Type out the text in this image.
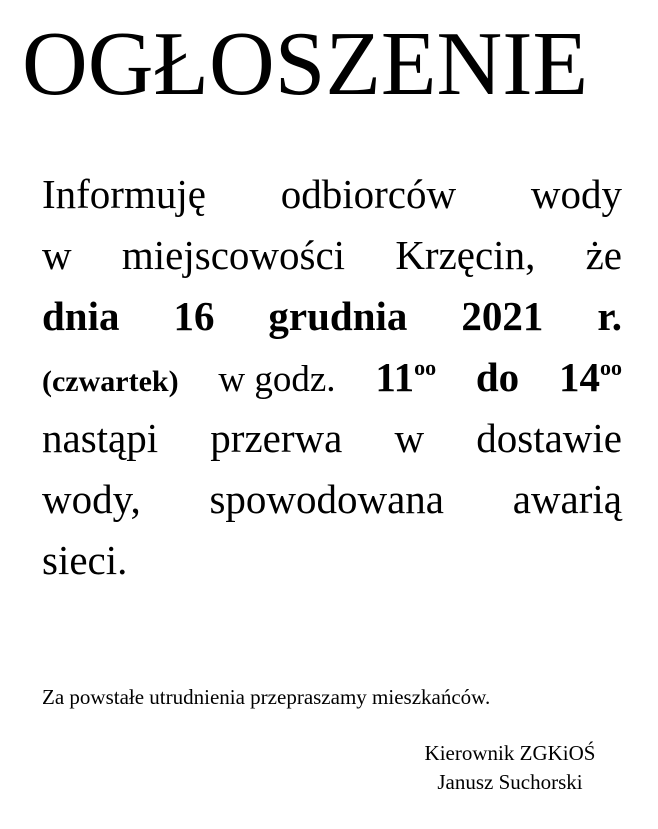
OGŁOSZENIE
Informuję odbiorców wody
w miejscowości Krzęcin, że
dnia 16 grudnia 2021 r.
(czwartek) w godz. $11^{oo}$ do $14^{oo}$
nastąpi przerwa w dostawie
wody, spowodowana awarią
sieci.

Za powstałe utrudnienia przepraszamy mieszkańców.

Kierownik ZGKiOŚ
Janusz Suchorski
